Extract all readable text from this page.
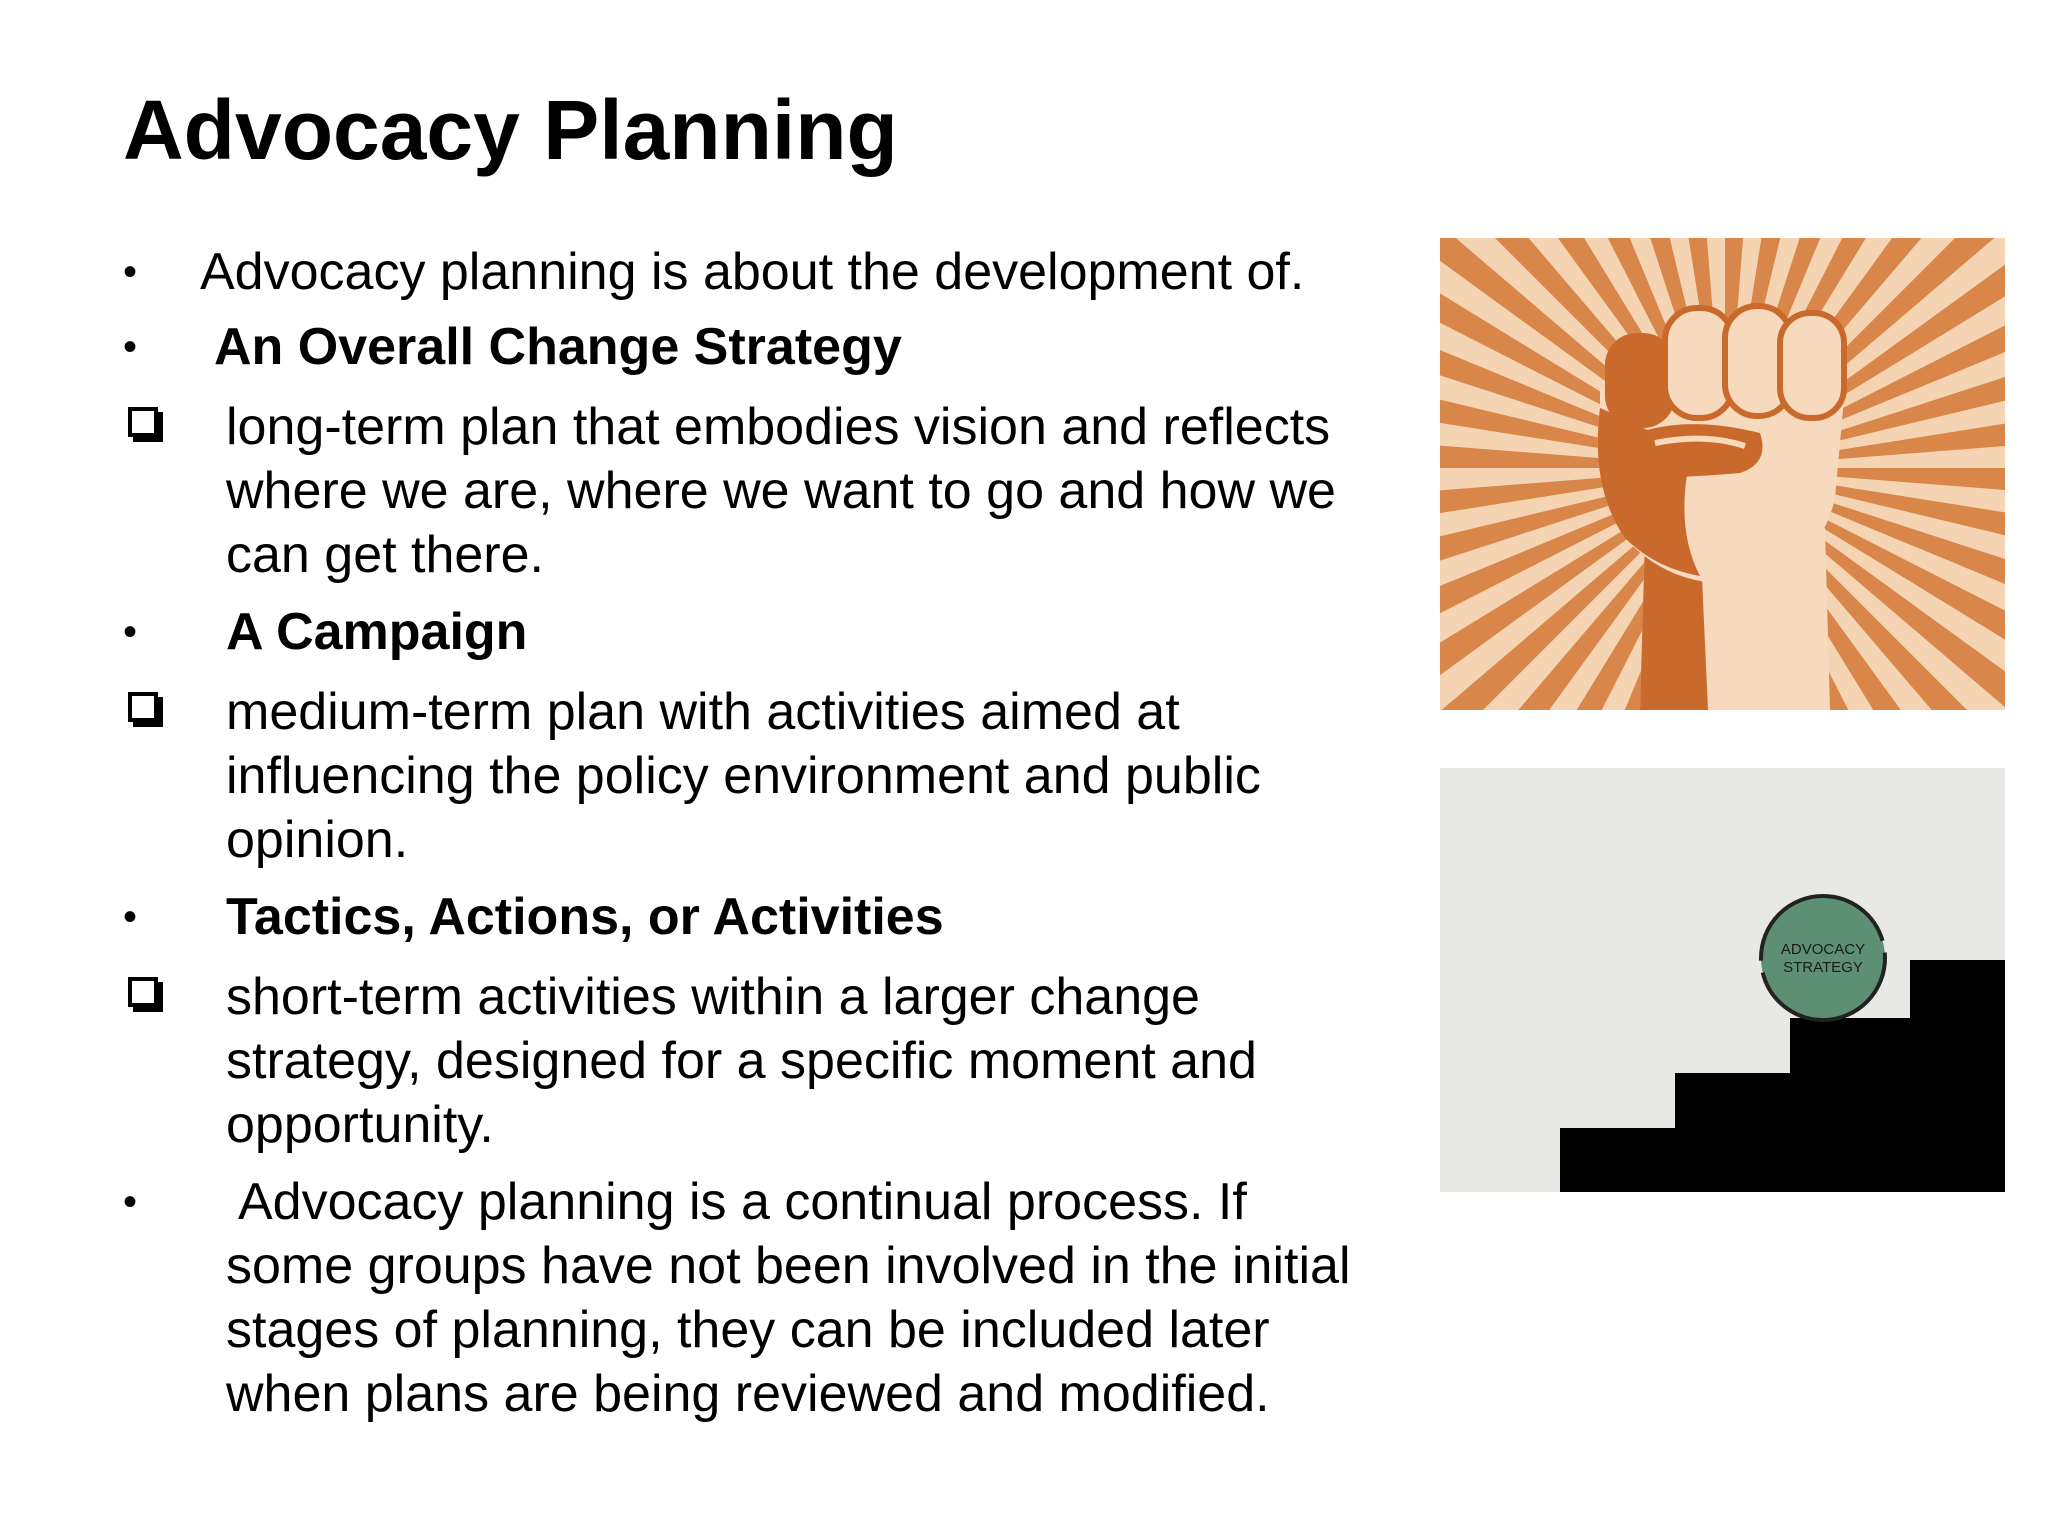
Advocacy Planning
• Advocacy planning is about the development of.
• An Overall Change Strategy
long-term plan that embodies vision and reflects
where we are, where we want to go and how we
can get there.
• A Campaign
medium-term plan with activities aimed at
influencing the policy environment and public
opinion.
• Tactics, Actions, or Activities
short-term activities within a larger change
strategy, designed for a specific moment and
opportunity.
• Advocacy planning is a continual process. If
some groups have not been involved in the initial
stages of planning, they can be included later
when plans are being reviewed and modified.
ADVOCACY
STRATEGY
